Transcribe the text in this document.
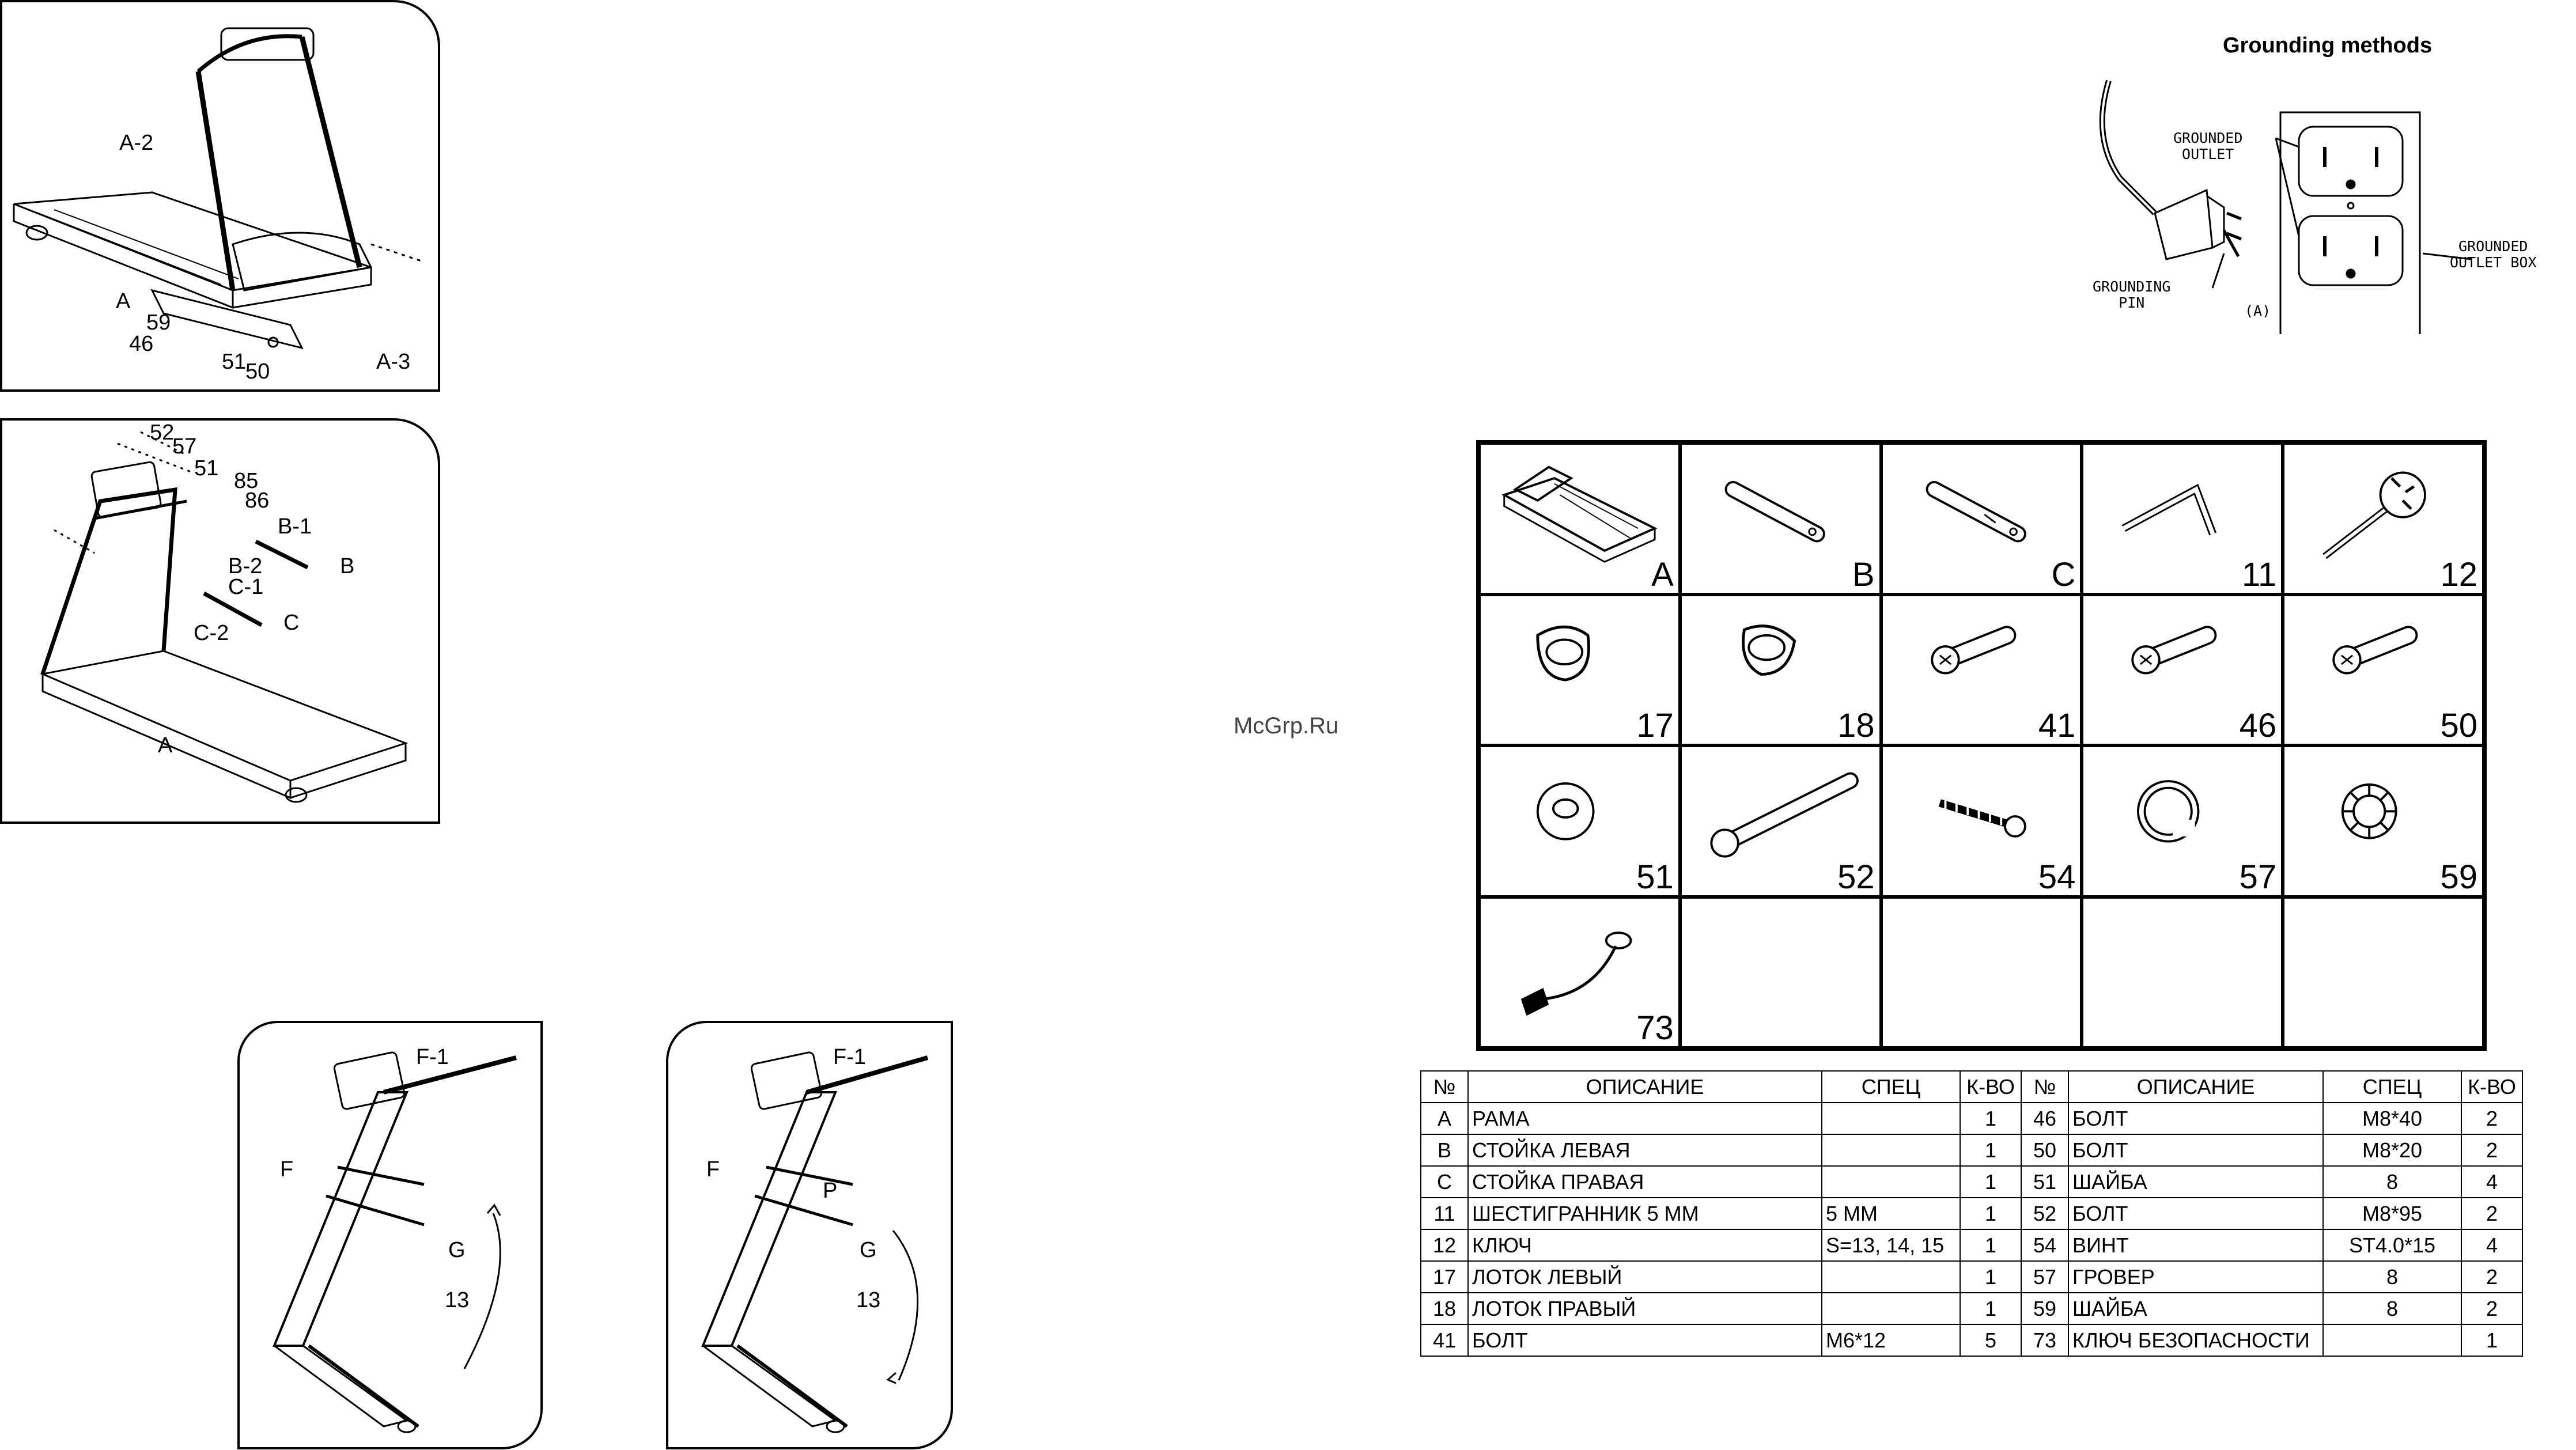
A-2
A
59
46
51
50	A-3
52
57
51
85
86
B-1
B
B-2
C-1
C
C-2
A
F-1
F
G
13
F-1
F
P
G
13
McGrp.Ru
Grounding methods
GROUNDED
OUTLET
GROUNDING
PIN
GROUNDED
OUTLET BOX
(A)
A	B	C	11	12
17	18	41	46	50
51	52	54	57	59
73
№	ОПИСАНИЕ	СПЕЦ	К-ВО	№	ОПИСАНИЕ	СПЕЦ	К-ВО
A	РАМА		1	46	БОЛТ	M8*40	2
B	СТОЙКА ЛЕВАЯ		1	50	БОЛТ	M8*20	2
C	СТОЙКА ПРАВАЯ		1	51	ШАЙБА	8	4
11	ШЕСТИГРАННИК 5 ММ	5 ММ	1	52	БОЛТ	M8*95	2
12	КЛЮЧ	S=13, 14, 15	1	54	ВИНТ	ST4.0*15	4
17	ЛОТОК ЛЕВЫЙ		1	57	ГРОВЕР	8	2
18	ЛОТОК ПРАВЫЙ		1	59	ШАЙБА	8	2
41	БОЛТ	M6*12	5	73	КЛЮЧ БЕЗОПАСНОСТИ		1
